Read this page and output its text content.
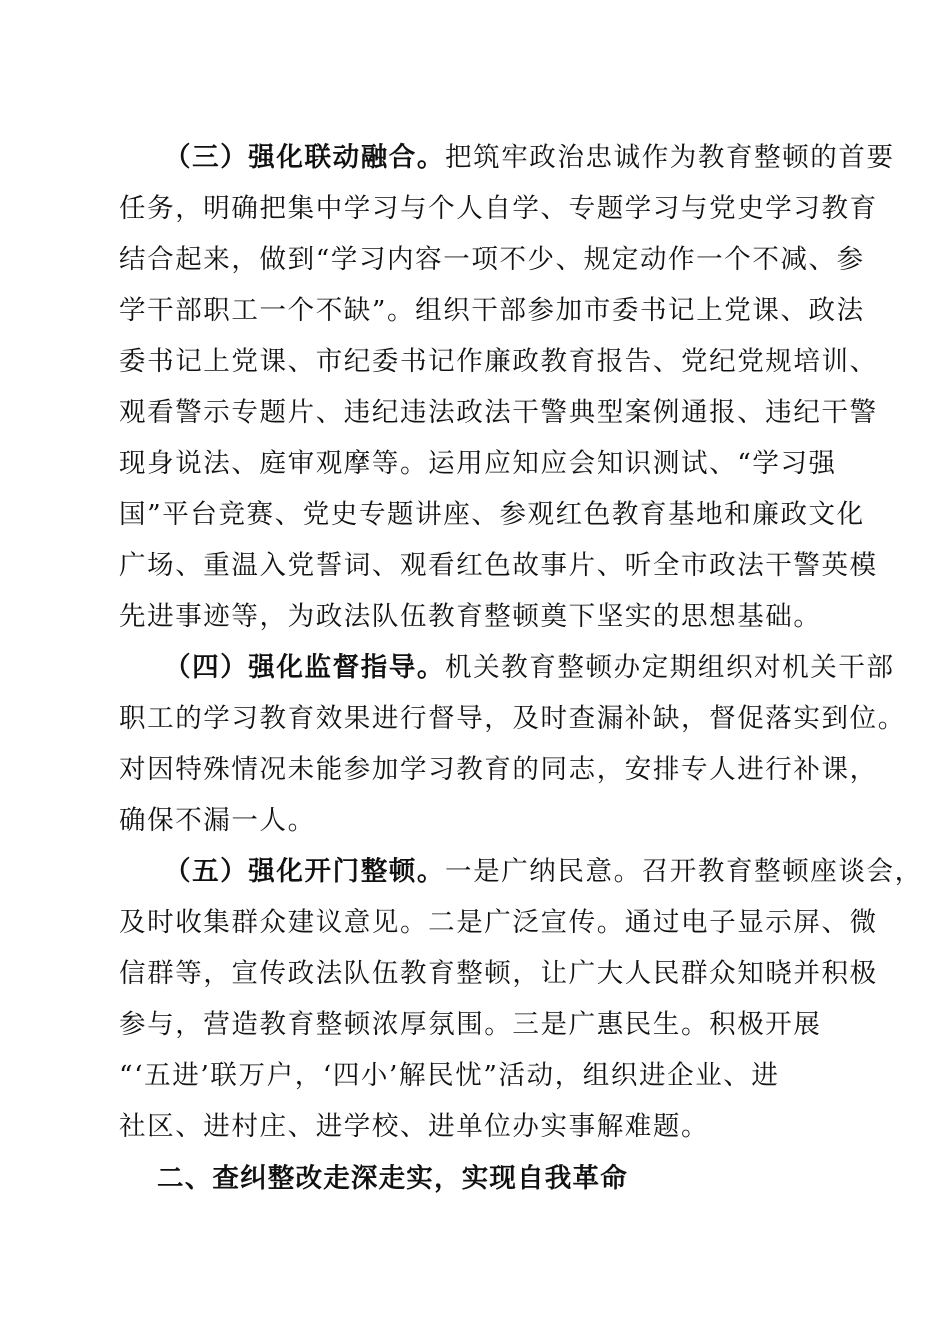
（三）强化联动融合。把筑牢政治忠诚作为教育整顿的首要
任务，明确把集中学习与个人自学、专题学习与党史学习教育
结合起来，做到“学习内容一项不少、规定动作一个不减、参
学干部职工一个不缺”。组织干部参加市委书记上党课、政法
委书记上党课、市纪委书记作廉政教育报告、党纪党规培训、
观看警示专题片、违纪违法政法干警典型案例通报、违纪干警
现身说法、庭审观摩等。运用应知应会知识测试、“学习强
国”平台竞赛、党史专题讲座、参观红色教育基地和廉政文化
广场、重温入党誓词、观看红色故事片、听全市政法干警英模
先进事迹等，为政法队伍教育整顿奠下坚实的思想基础。
（四）强化监督指导。机关教育整顿办定期组织对机关干部
职工的学习教育效果进行督导，及时查漏补缺，督促落实到位。
对因特殊情况未能参加学习教育的同志，安排专人进行补课，
确保不漏一人。
（五）强化开门整顿。一是广纳民意。召开教育整顿座谈会，
及时收集群众建议意见。二是广泛宣传。通过电子显示屏、微
信群等，宣传政法队伍教育整顿，让广大人民群众知晓并积极
参与，营造教育整顿浓厚氛围。三是广惠民生。积极开展
“‘五进’联万户，‘四小’解民忧”活动，组织进企业、进
社区、进村庄、进学校、进单位办实事解难题。
二、查纠整改走深走实，实现自我革命
